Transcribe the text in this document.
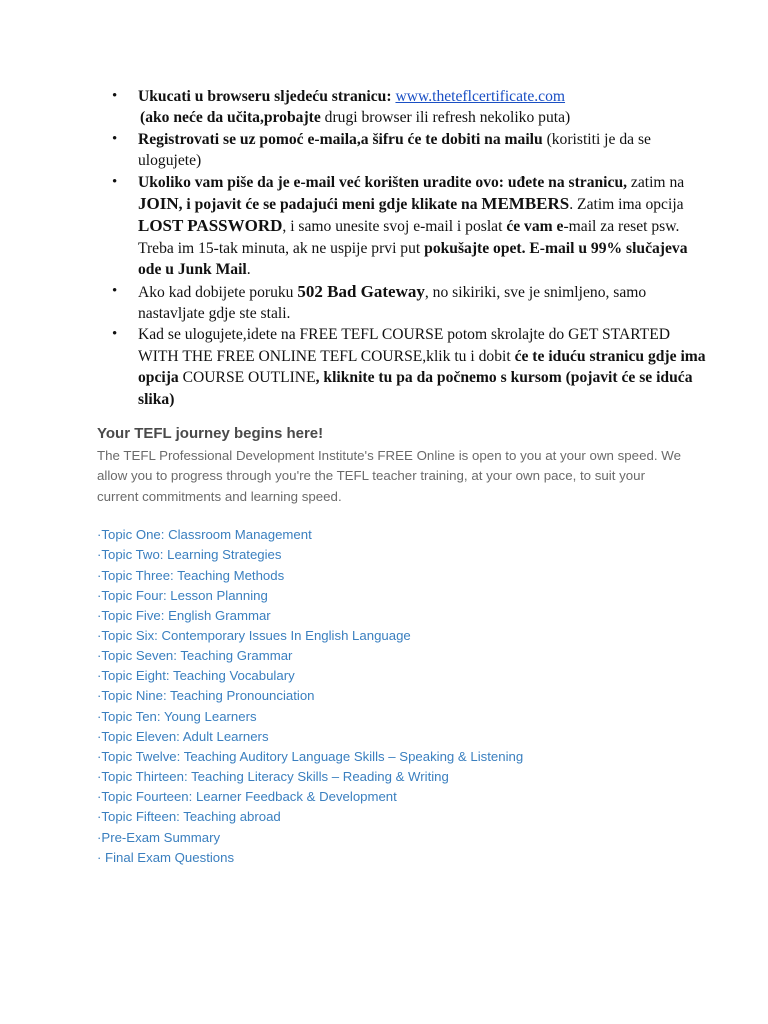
• Ukucati u browseru sljedeću stranicu: www.theteflcertificate.com
(ako neće da učita,probajte drugi browser ili refresh nekoliko puta)
• Registrovati se uz pomoć e-maila,a šifru će te dobiti na mailu (koristiti je da se ulogujete)
• Ukoliko vam piše da je e-mail već korišten uradite ovo: uđete na stranicu, zatim na JOIN, i pojavit će se padajući meni gdje klikate na MEMBERS. Zatim ima opcija LOST PASSWORD, i samo unesite svoj e-mail i poslat će vam e-mail za reset psw. Treba im 15-tak minuta, ak ne uspije prvi put pokušajte opet. E-mail u 99% slučajeva ode u Junk Mail.
• Ako kad dobijete poruku 502 Bad Gateway, no sikiriki, sve je snimljeno, samo nastavljate gdje ste stali.
• Kad se ulogujete,idete na FREE TEFL COURSE potom skrolajte do GET STARTED WITH THE FREE ONLINE TEFL COURSE,klik tu i dobit će te iduću stranicu gdje ima opcija COURSE OUTLINE, kliknite tu pa da počnemo s kursom (pojavit će se iduća slika)
Your TEFL journey begins here!

The TEFL Professional Development Institute's FREE Online is open to you at your own speed. We allow you to progress through you're the TEFL teacher training, at your own pace, to suit your current commitments and learning speed.

·Topic One: Classroom Management
·Topic Two: Learning Strategies
·Topic Three: Teaching Methods
·Topic Four: Lesson Planning
·Topic Five: English Grammar
·Topic Six: Contemporary Issues In English Language
·Topic Seven: Teaching Grammar
·Topic Eight: Teaching Vocabulary
·Topic Nine: Teaching Pronounciation
·Topic Ten: Young Learners
·Topic Eleven: Adult Learners
·Topic Twelve: Teaching Auditory Language Skills – Speaking & Listening
·Topic Thirteen: Teaching Literacy Skills – Reading & Writing
·Topic Fourteen: Learner Feedback & Development
·Topic Fifteen: Teaching abroad
·Pre-Exam Summary
· Final Exam Questions
